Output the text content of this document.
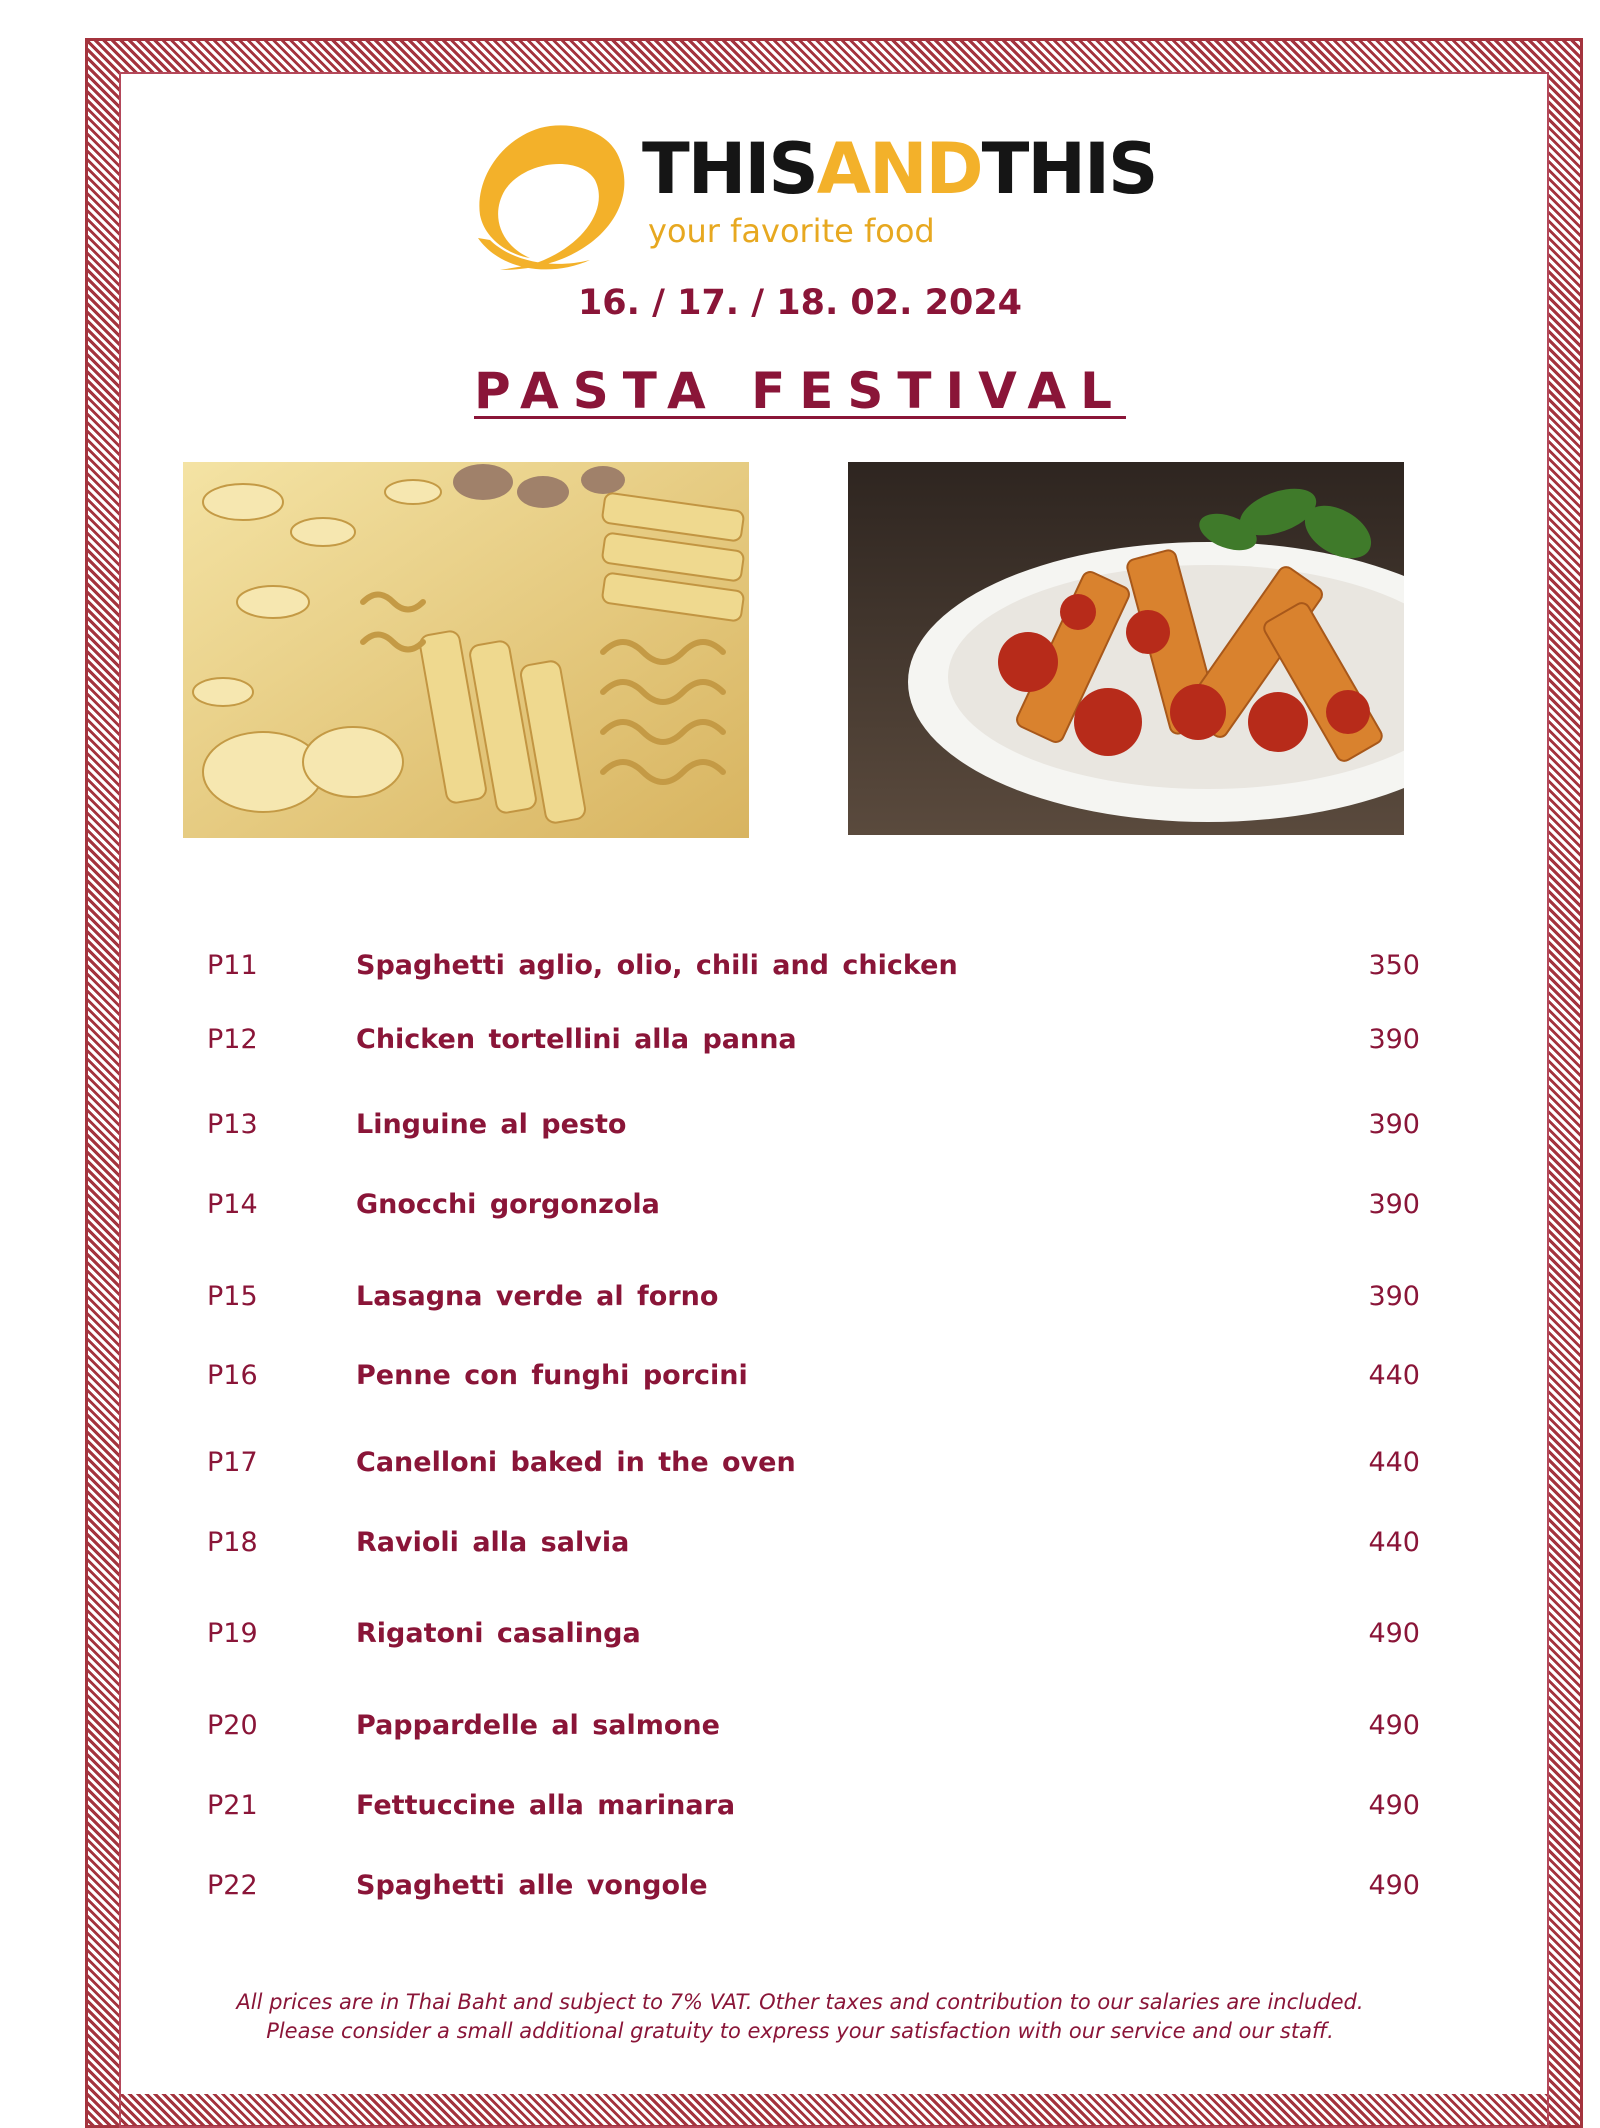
THISANDTHIS
your favorite food
16. / 17. / 18. 02. 2024
PASTA FESTIVAL
P11	Spaghetti aglio, olio, chili and chicken	350
P12	Chicken tortellini alla panna	390
P13	Linguine al pesto	390
P14	Gnocchi gorgonzola	390
P15	Lasagna verde al forno	390
P16	Penne con funghi porcini	440
P17	Canelloni baked in the oven	440
P18	Ravioli alla salvia	440
P19	Rigatoni casalinga	490
P20	Pappardelle al salmone	490
P21	Fettuccine alla marinara	490
P22	Spaghetti alle vongole	490
All prices are in Thai Baht and subject to 7% VAT. Other taxes and contribution to our salaries are included.
Please consider a small additional gratuity to express your satisfaction with our service and our staff.
